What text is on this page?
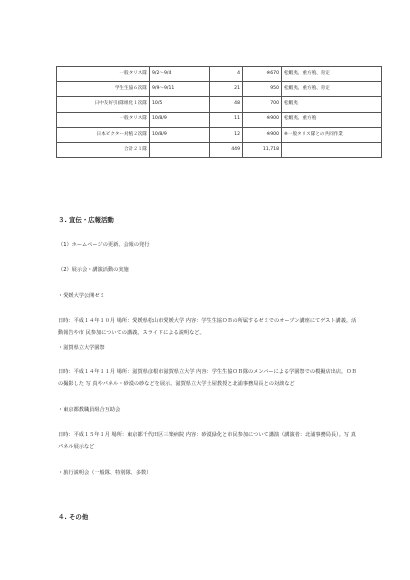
一般タリス隊	9/2〜9/4	4	※670	松蝦夷、重方殖、育定
学生生協６次隊	9/9〜9/11	21	950	松蝦夷、重方殖、育定
日中友好引(隊組化１次隊	10/5	48	700	松蝦夷
一般タリス隊	10/8/9	11	※900	松蝦夷、重方殖
日本ビクター対植２次隊	10/8/9	12	※900	※一般タリス隊との共同作業
合計２１隊		449	11,718	
３. 宣伝・広報活動
（1）ホームページの更新、会報の発行
（2）展示会・講演活動の実施
・愛媛大学公開ゼミ
日時：平成１４年１０月 場所：愛媛県松山市愛媛大学 内容：学生生協ＯＢの所属するゼミでのオープン講座にてゲスト講義。活動報告や市 民参加についての講義。スライドによる説明など。
・滋賀県立大学園祭
日時：平成１４年１１月 場所：滋賀県彦根市滋賀県立大学 内容：学生生協ＯＢ隊のメンバーによる学園祭での模擬店出店。ＯＢの撮影した 写 真やパネル・砂漠の砂などを展示。滋賀県立大学土屋教授と北浦事務局長との対談など
・東京都教職員組合互助会
日時：平成１５年１月 場所：東京都千代田区三楽病院 内容：砂漠緑化と市民参加について講演（講演者：北浦事務局長）。写 真パネル展示など
・旅行説明会（一般隊、特別隊、多数）
４. その他
